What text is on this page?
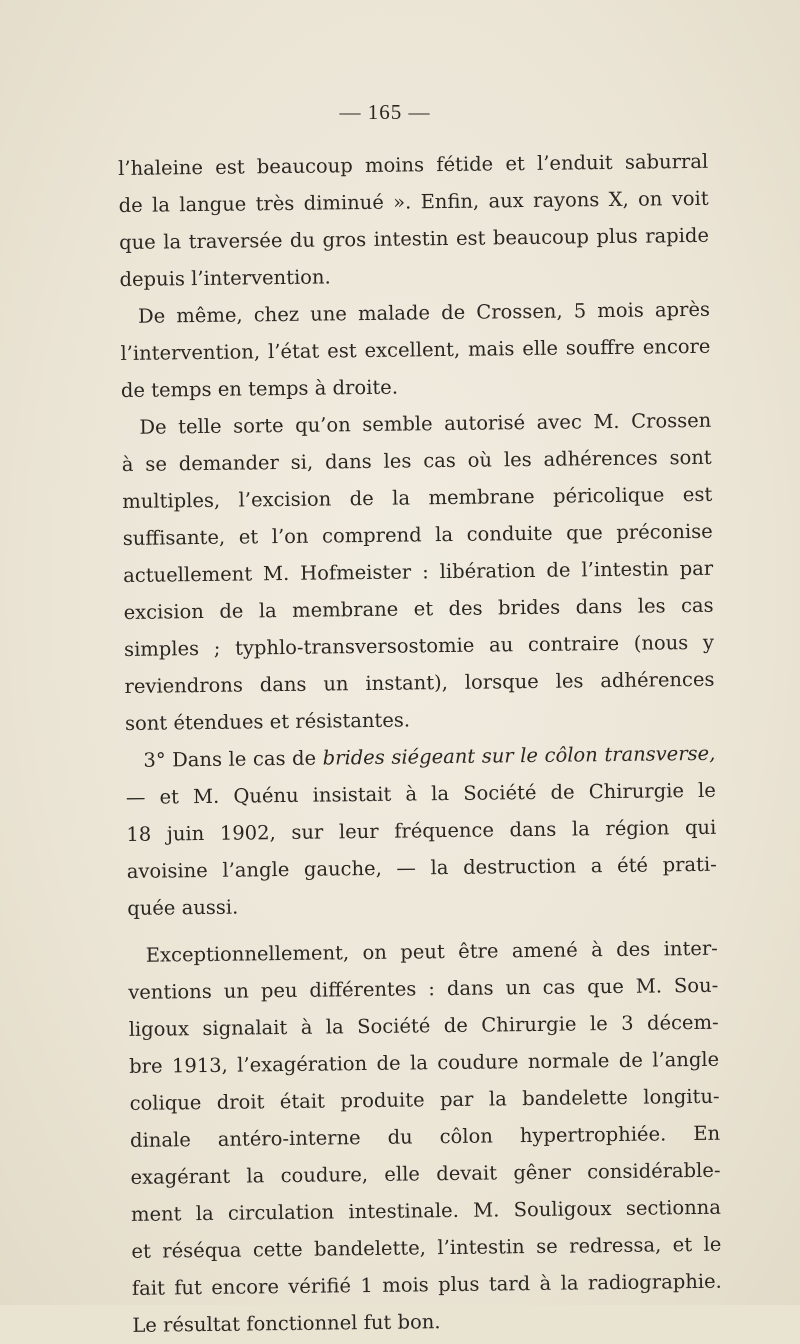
— 165 —
l’haleine est beaucoup moins fétide et l’enduit saburral
de la langue très diminué ». Enfin, aux rayons X, on voit
que la traversée du gros intestin est beaucoup plus rapide
depuis l’intervention.
De même, chez une malade de Crossen, 5 mois après
l’intervention, l’état est excellent, mais elle souffre encore
de temps en temps à droite.
De telle sorte qu’on semble autorisé avec M. Crossen
à se demander si, dans les cas où les adhérences sont
multiples, l’excision de la membrane péricolique est
suffisante, et l’on comprend la conduite que préconise
actuellement M. Hofmeister : libération de l’intestin par
excision de la membrane et des brides dans les cas
simples ; typhlo-transversostomie au contraire (nous y
reviendrons dans un instant), lorsque les adhérences
sont étendues et résistantes.
3° Dans le cas de brides siégeant sur le côlon transverse,
— et M. Quénu insistait à la Société de Chirurgie le
18 juin 1902, sur leur fréquence dans la région qui
avoisine l’angle gauche, — la destruction a été prati-
quée aussi.
Exceptionnellement, on peut être amené à des inter-
ventions un peu différentes : dans un cas que M. Sou-
ligoux signalait à la Société de Chirurgie le 3 décem-
bre 1913, l’exagération de la coudure normale de l’angle
colique droit était produite par la bandelette longitu-
dinale antéro-interne du côlon hypertrophiée. En
exagérant la coudure, elle devait gêner considérable-
ment la circulation intestinale. M. Souligoux sectionna
et réséqua cette bandelette, l’intestin se redressa, et le
fait fut encore vérifié 1 mois plus tard à la radiographie.
Le résultat fonctionnel fut bon.
